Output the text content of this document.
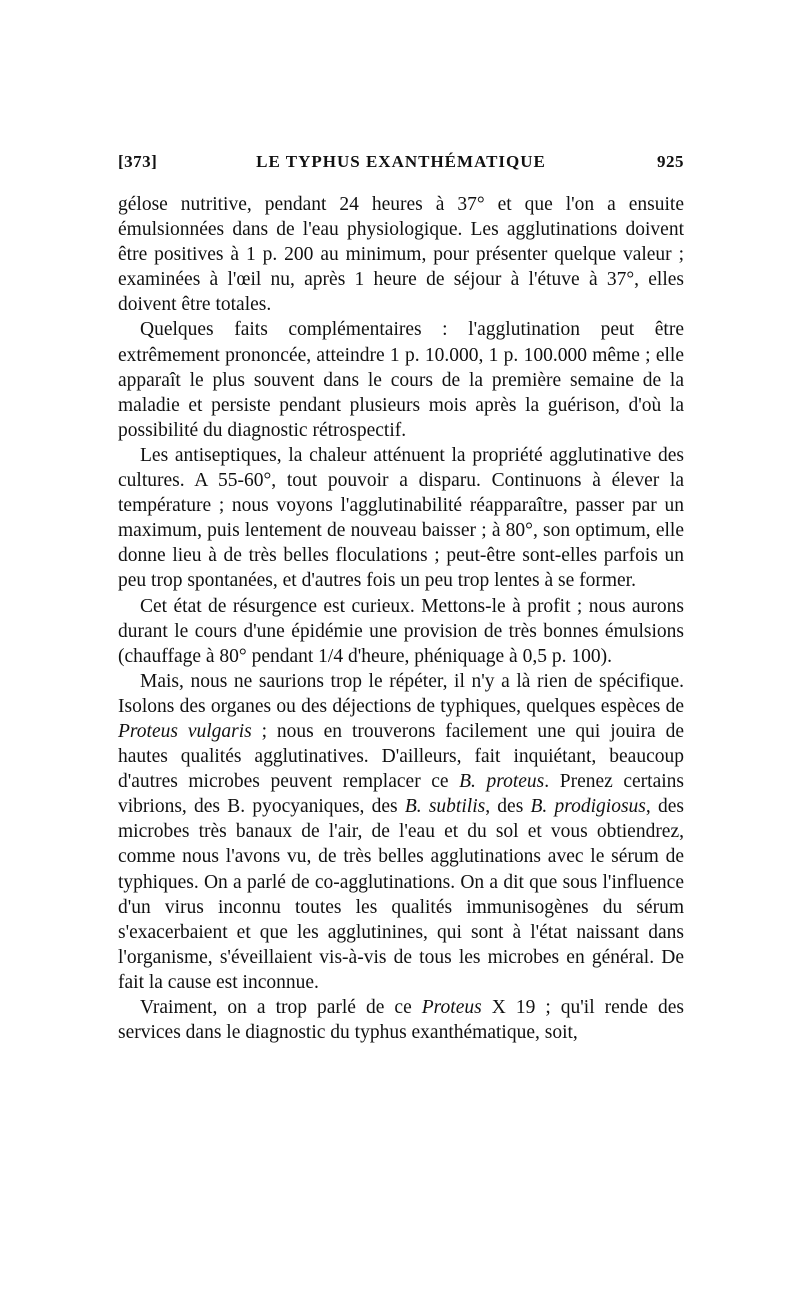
[373]	LE TYPHUS EXANTHÉMATIQUE	925

gélose nutritive, pendant 24 heures à 37° et que l'on a ensuite émulsionnées dans de l'eau physiologique. Les agglutinations doivent être positives à 1 p. 200 au minimum, pour présenter quelque valeur ; examinées à l'œil nu, après 1 heure de séjour à l'étuve à 37°, elles doivent être totales.

Quelques faits complémentaires : l'agglutination peut être extrêmement prononcée, atteindre 1 p. 10.000, 1 p. 100.000 même ; elle apparaît le plus souvent dans le cours de la première semaine de la maladie et persiste pendant plusieurs mois après la guérison, d'où la possibilité du diagnostic rétrospectif.

Les antiseptiques, la chaleur atténuent la propriété agglutinative des cultures. A 55-60°, tout pouvoir a disparu. Continuons à élever la température ; nous voyons l'agglutinabilité réapparaître, passer par un maximum, puis lentement de nouveau baisser ; à 80°, son optimum, elle donne lieu à de très belles floculations ; peut-être sont-elles parfois un peu trop spontanées, et d'autres fois un peu trop lentes à se former.

Cet état de résurgence est curieux. Mettons-le à profit ; nous aurons durant le cours d'une épidémie une provision de très bonnes émulsions (chauffage à 80° pendant 1/4 d'heure, phéniquage à 0,5 p. 100).

Mais, nous ne saurions trop le répéter, il n'y a là rien de spécifique. Isolons des organes ou des déjections de typhiques, quelques espèces de Proteus vulgaris ; nous en trouverons facilement une qui jouira de hautes qualités agglutinatives. D'ailleurs, fait inquiétant, beaucoup d'autres microbes peuvent remplacer ce B. proteus. Prenez certains vibrions, des B. pyocyaniques, des B. subtilis, des B. prodigiosus, des microbes très banaux de l'air, de l'eau et du sol et vous obtiendrez, comme nous l'avons vu, de très belles agglutinations avec le sérum de typhiques. On a parlé de co-agglutinations. On a dit que sous l'influence d'un virus inconnu toutes les qualités immunisogènes du sérum s'exacerbaient et que les agglutinines, qui sont à l'état naissant dans l'organisme, s'éveillaient vis-à-vis de tous les microbes en général. De fait la cause est inconnue.

Vraiment, on a trop parlé de ce Proteus X 19 ; qu'il rende des services dans le diagnostic du typhus exanthématique, soit,
